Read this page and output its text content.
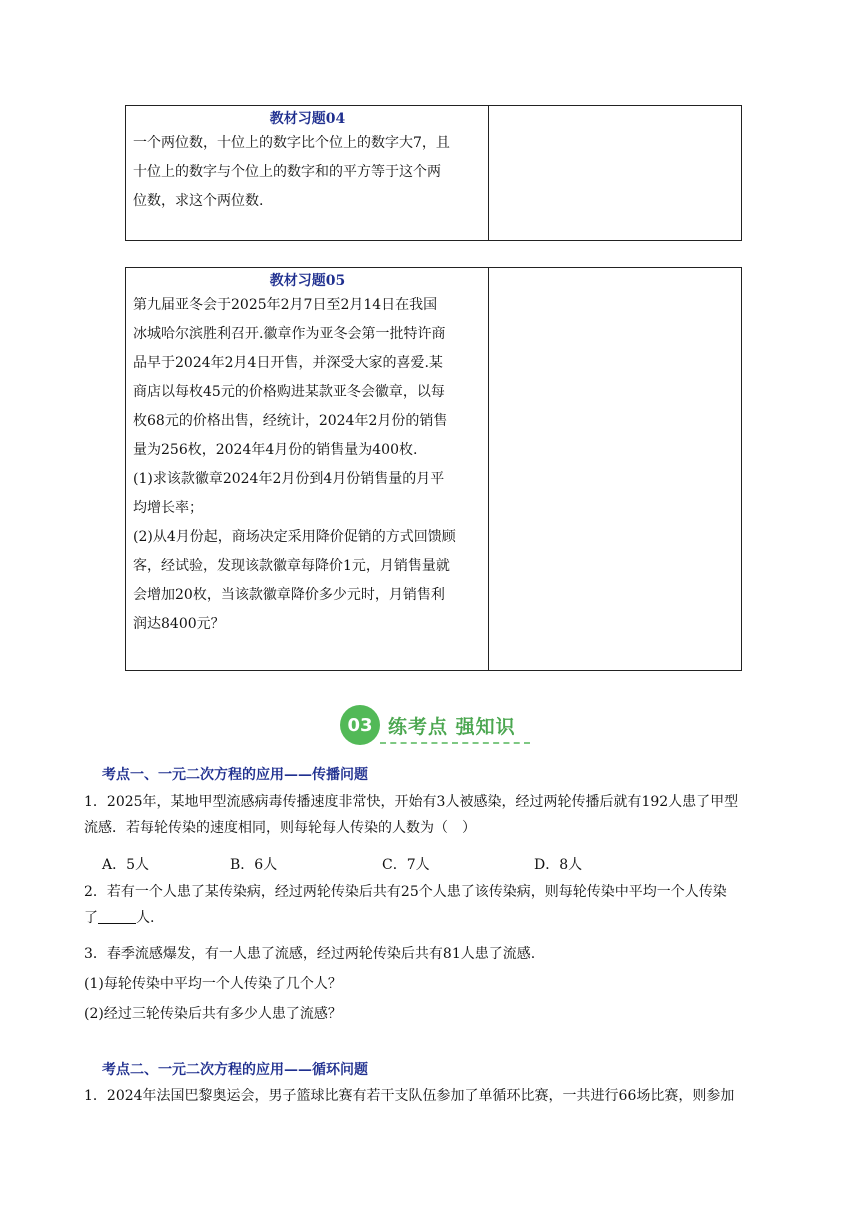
教材习题04
一个两位数，十位上的数字比个位上的数字大7，且
十位上的数字与个位上的数字和的平方等于这个两
位数，求这个两位数.
教材习题05
第九届亚冬会于2025年2月7日至2月14日在我国
冰城哈尔滨胜利召开.徽章作为亚冬会第一批特许商
品早于2024年2月4日开售，并深受大家的喜爱.某
商店以每枚45元的价格购进某款亚冬会徽章，以每
枚68元的价格出售，经统计，2024年2月份的销售
量为256枚，2024年4月份的销售量为400枚.
(1)求该款徽章2024年2月份到4月份销售量的月平
均增长率；
(2)从4月份起，商场决定采用降价促销的方式回馈顾
客，经试验，发现该款徽章每降价1元，月销售量就
会增加20枚，当该款徽章降价多少元时，月销售利
润达8400元？
03 练考点 强知识
考点一、一元二次方程的应用——传播问题
1．2025年，某地甲型流感病毒传播速度非常快，开始有3人被感染，经过两轮传播后就有192人患了甲型
流感．若每轮传染的速度相同，则每轮每人传染的人数为（　）
A．5人	B．6人	C．7人	D．8人
2．若有一个人患了某传染病，经过两轮传染后共有25个人患了该传染病，则每轮传染中平均一个人传染
了	人.
3．春季流感爆发，有一人患了流感，经过两轮传染后共有81人患了流感.
(1)每轮传染中平均一个人传染了几个人？
(2)经过三轮传染后共有多少人患了流感？
考点二、一元二次方程的应用——循环问题
1．2024年法国巴黎奥运会，男子篮球比赛有若干支队伍参加了单循环比赛，一共进行66场比赛，则参加
